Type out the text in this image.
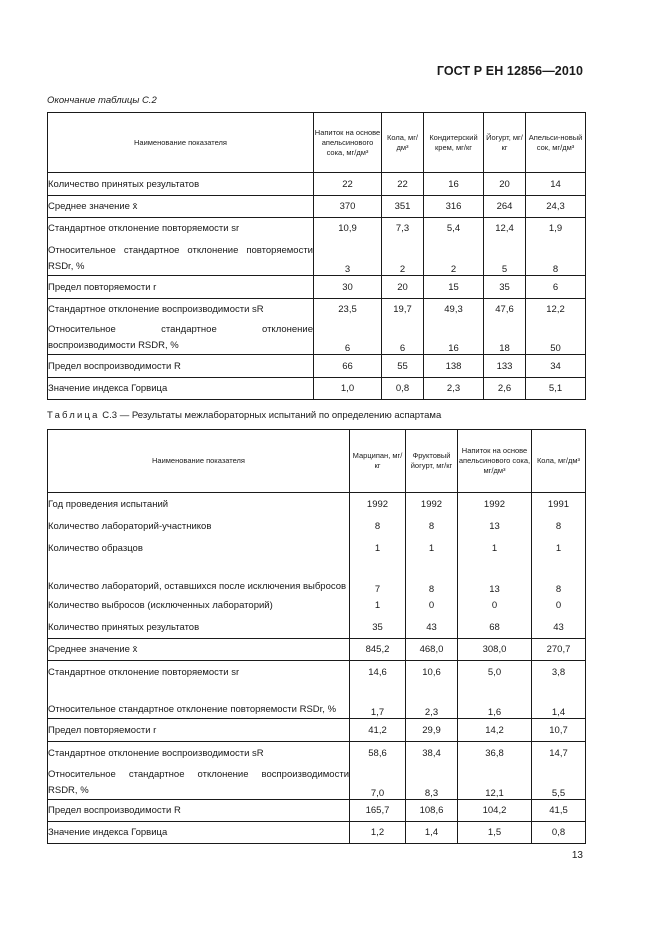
ГОСТ Р ЕН 12856—2010
Окончание таблицы С.2
Наименование показателя	Напиток на основе апельсинового сока, мг/дм³	Кола, мг/дм³	Кондитерский крем, мг/кг	Йогурт, мг/кг	Апельси-новый сок, мг/дм³
Количество принятых результатов	22	22	16	20	14
Среднее значение x̄	370	351	316	264	24,3
Стандартное отклонение повторяемости sr	10,9	7,3	5,4	12,4	1,9
Относительное стандартное отклонение повторяемости RSDr, %	3	2	2	5	8
Предел повторяемости r	30	20	15	35	6
Стандартное отклонение воспроизводимости sR	23,5	19,7	49,3	47,6	12,2
Относительное стандартное отклонение воспроизводимости RSDR, %	6	6	16	18	50
Предел воспроизводимости R	66	55	138	133	34
Значение индекса Горвица	1,0	0,8	2,3	2,6	5,1
Таблица С.3 — Результаты межлабораторных испытаний по определению аспартама
Наименование показателя	Марципан, мг/кг	Фруктовый йогурт, мг/кг	Напиток на основе апельсинового сока, мг/дм³	Кола, мг/дм³
Год проведения испытаний	1992	1992	1992	1991
Количество лабораторий-участников	8	8	13	8
Количество образцов	1	1	1	1
Количество лабораторий, оставшихся после исключения выбросов	7	8	13	8
Количество выбросов (исключенных лабораторий)	1	0	0	0
Количество принятых результатов	35	43	68	43
Среднее значение x̄	845,2	468,0	308,0	270,7
Стандартное отклонение повторяемости sr	14,6	10,6	5,0	3,8
Относительное стандартное отклонение повторяемости RSDr, %	1,7	2,3	1,6	1,4
Предел повторяемости r	41,2	29,9	14,2	10,7
Стандартное отклонение воспроизводимости sR	58,6	38,4	36,8	14,7
Относительное стандартное отклонение воспроизводимости RSDR, %	7,0	8,3	12,1	5,5
Предел воспроизводимости R	165,7	108,6	104,2	41,5
Значение индекса Горвица	1,2	1,4	1,5	0,8
13
